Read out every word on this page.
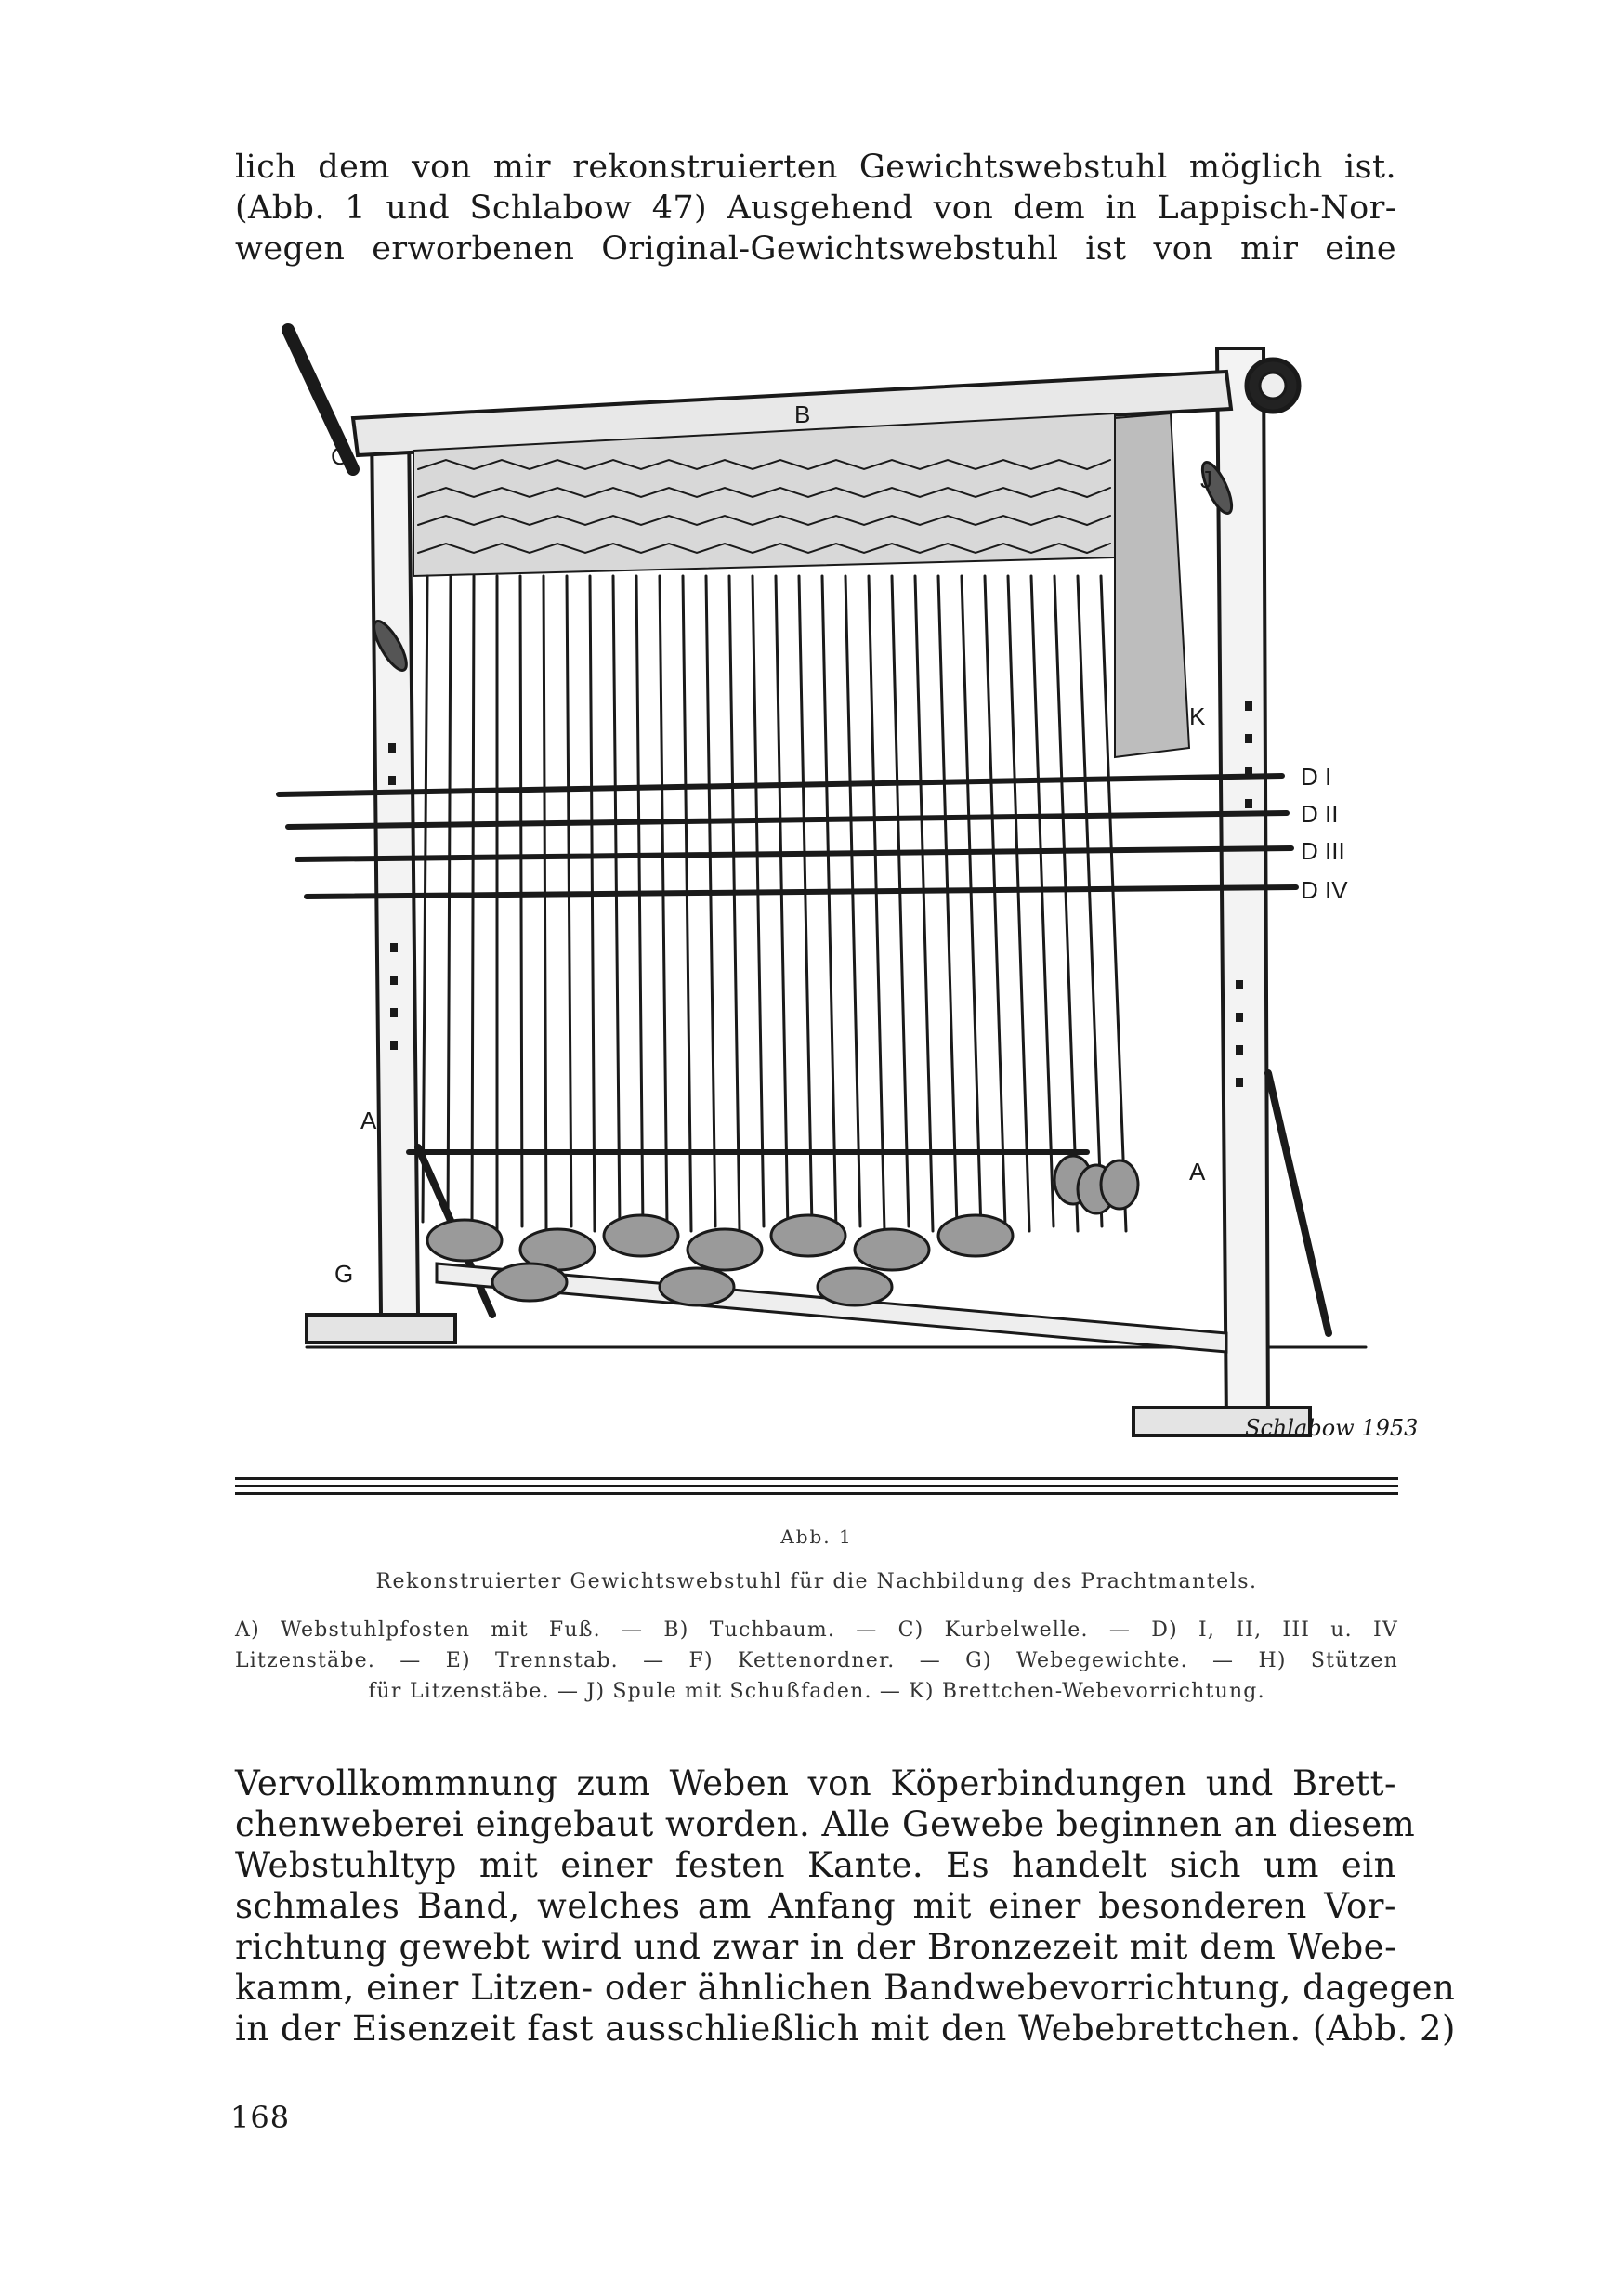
lich dem von mir rekonstruierten Gewichtswebstuhl möglich ist.
(Abb. 1 und Schlabow 47) Ausgehend von dem in Lappisch-Nor-
wegen erworbenen Original-Gewichtswebstuhl ist von mir eine
B
C
J
K
D I
D II
D III
D IV
A
A
G
Schlabow 1953
Abb. 1
Rekonstruierter Gewichtswebstuhl für die Nachbildung des Prachtmantels.
A) Webstuhlpfosten mit Fuß. — B) Tuchbaum. — C) Kurbelwelle. — D) I, II, III u. IV
Litzenstäbe. — E) Trennstab. — F) Kettenordner. — G) Webegewichte. — H) Stützen
für Litzenstäbe. — J) Spule mit Schußfaden. — K) Brettchen-Webevorrichtung.
Vervollkommnung zum Weben von Köperbindungen und Brett-
chenweberei eingebaut worden. Alle Gewebe beginnen an diesem
Webstuhltyp mit einer festen Kante. Es handelt sich um ein
schmales Band, welches am Anfang mit einer besonderen Vor-
richtung gewebt wird und zwar in der Bronzezeit mit dem Webe-
kamm, einer Litzen- oder ähnlichen Bandwebevorrichtung, dagegen
in der Eisenzeit fast ausschließlich mit den Webebrettchen. (Abb. 2)
168
